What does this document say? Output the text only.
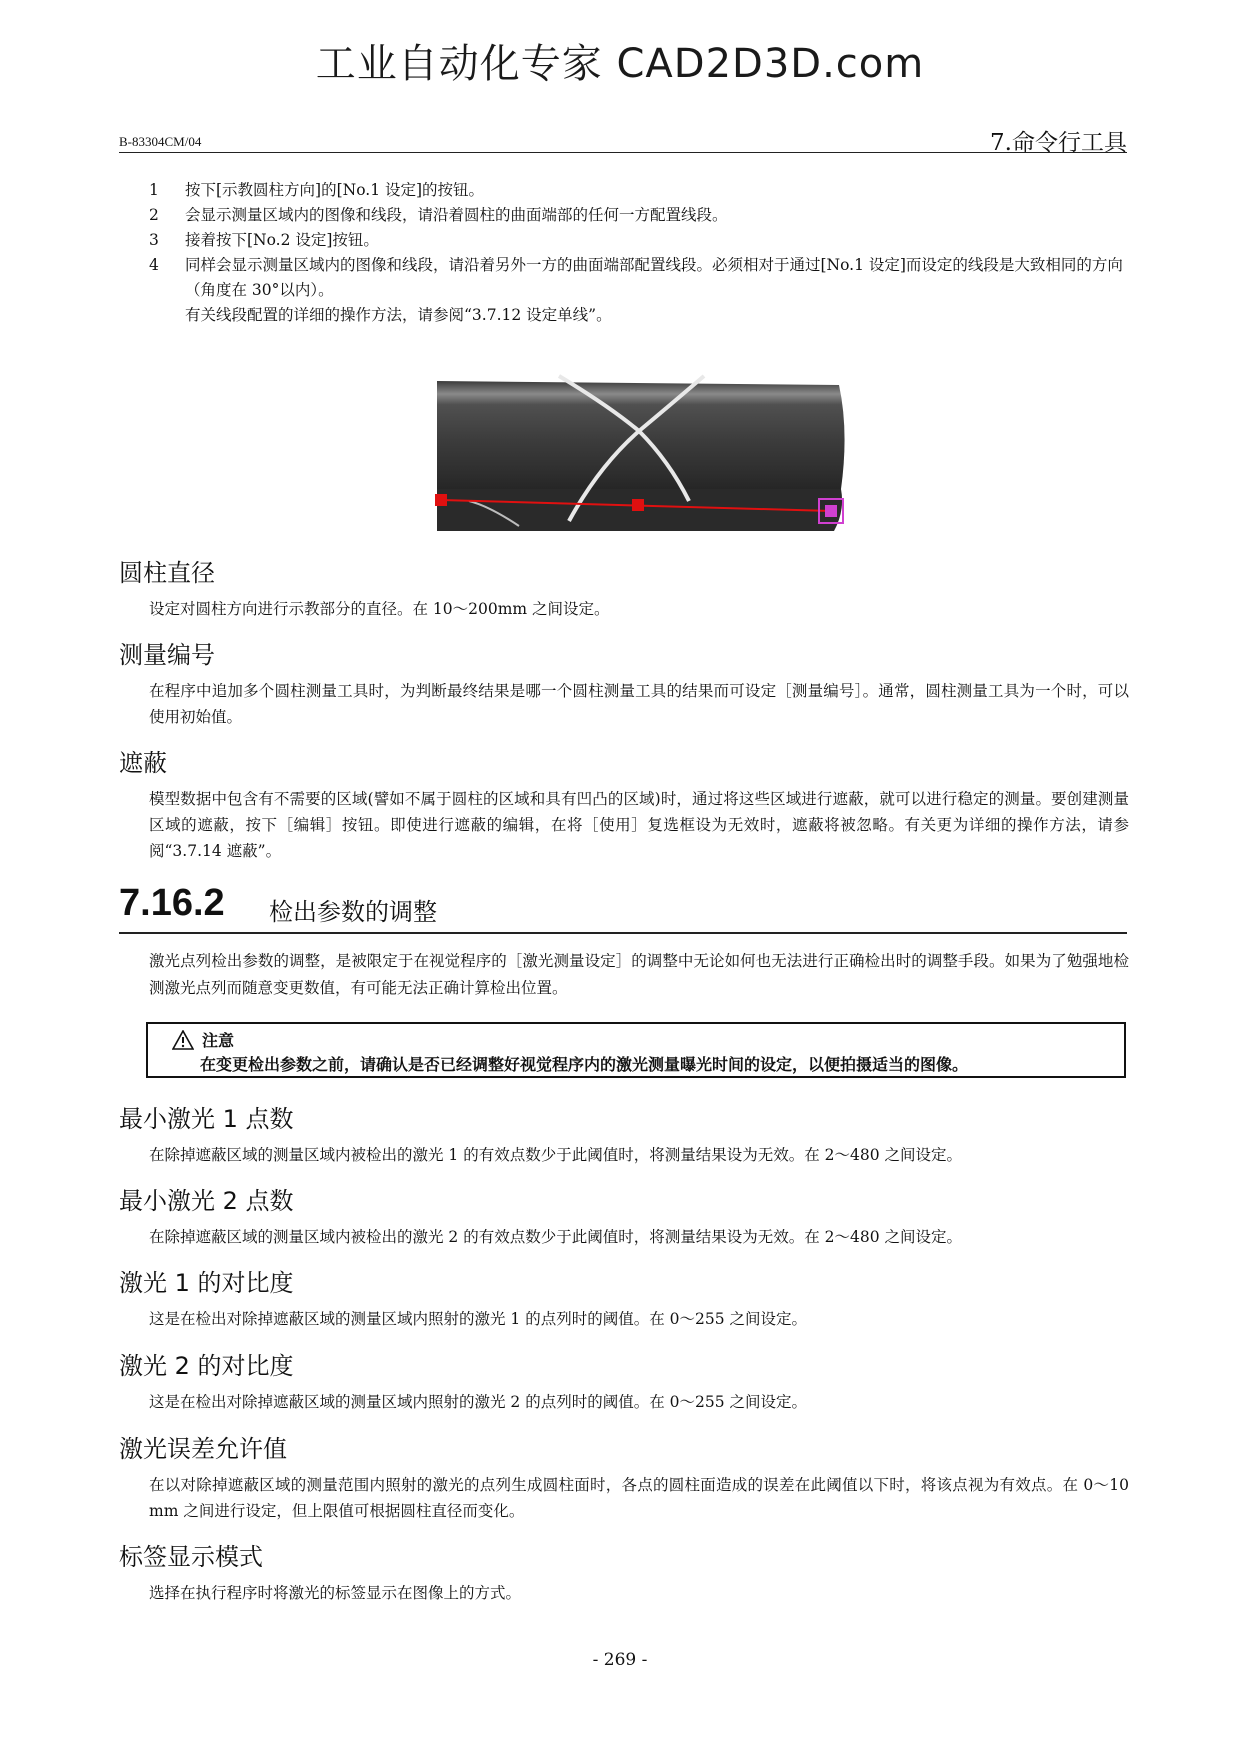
工业自动化专家 CAD2D3D.com
B-83304CM/04	7.命令行工具
1	按下[示教圆柱方向]的[No.1 设定]的按钮。
2	会显示测量区域内的图像和线段，请沿着圆柱的曲面端部的任何一方配置线段。
3	接着按下[No.2 设定]按钮。
4	同样会显示测量区域内的图像和线段，请沿着另外一方的曲面端部配置线段。必须相对于通过[No.1 设定]而设定的线段是大致相同的方向（角度在 30°以内）。
有关线段配置的详细的操作方法，请参阅“3.7.12 设定单线”。
圆柱直径

设定对圆柱方向进行示教部分的直径。在 10～200mm 之间设定。

测量编号

在程序中追加多个圆柱测量工具时，为判断最终结果是哪一个圆柱测量工具的结果而可设定［测量编号］。通常，圆柱测量工具为一个时，可以使用初始值。

遮蔽

模型数据中包含有不需要的区域(譬如不属于圆柱的区域和具有凹凸的区域)时，通过将这些区域进行遮蔽，就可以进行稳定的测量。要创建测量区域的遮蔽，按下［编辑］按钮。即使进行遮蔽的编辑，在将［使用］复选框设为无效时，遮蔽将被忽略。有关更为详细的操作方法，请参阅“3.7.14 遮蔽”。

7.16.2 检出参数的调整
激光点列检出参数的调整，是被限定于在视觉程序的［激光测量设定］的调整中无论如何也无法进行正确检出时的调整手段。如果为了勉强地检测激光点列而随意变更数值，有可能无法正确计算检出位置。
注意
在变更检出参数之前，请确认是否已经调整好视觉程序内的激光测量曝光时间的设定，以便拍摄适当的图像。
最小激光 1 点数

在除掉遮蔽区域的测量区域内被检出的激光 1 的有效点数少于此阈值时，将测量结果设为无效。在 2～480 之间设定。

最小激光 2 点数

在除掉遮蔽区域的测量区域内被检出的激光 2 的有效点数少于此阈值时，将测量结果设为无效。在 2～480 之间设定。

激光 1 的对比度

这是在检出对除掉遮蔽区域的测量区域内照射的激光 1 的点列时的阈值。在 0～255 之间设定。

激光 2 的对比度

这是在检出对除掉遮蔽区域的测量区域内照射的激光 2 的点列时的阈值。在 0～255 之间设定。

激光误差允许值

在以对除掉遮蔽区域的测量范围内照射的激光的点列生成圆柱面时，各点的圆柱面造成的误差在此阈值以下时，将该点视为有效点。在 0～10 mm 之间进行设定，但上限值可根据圆柱直径而变化。

标签显示模式

选择在执行程序时将激光的标签显示在图像上的方式。

- 269 -
